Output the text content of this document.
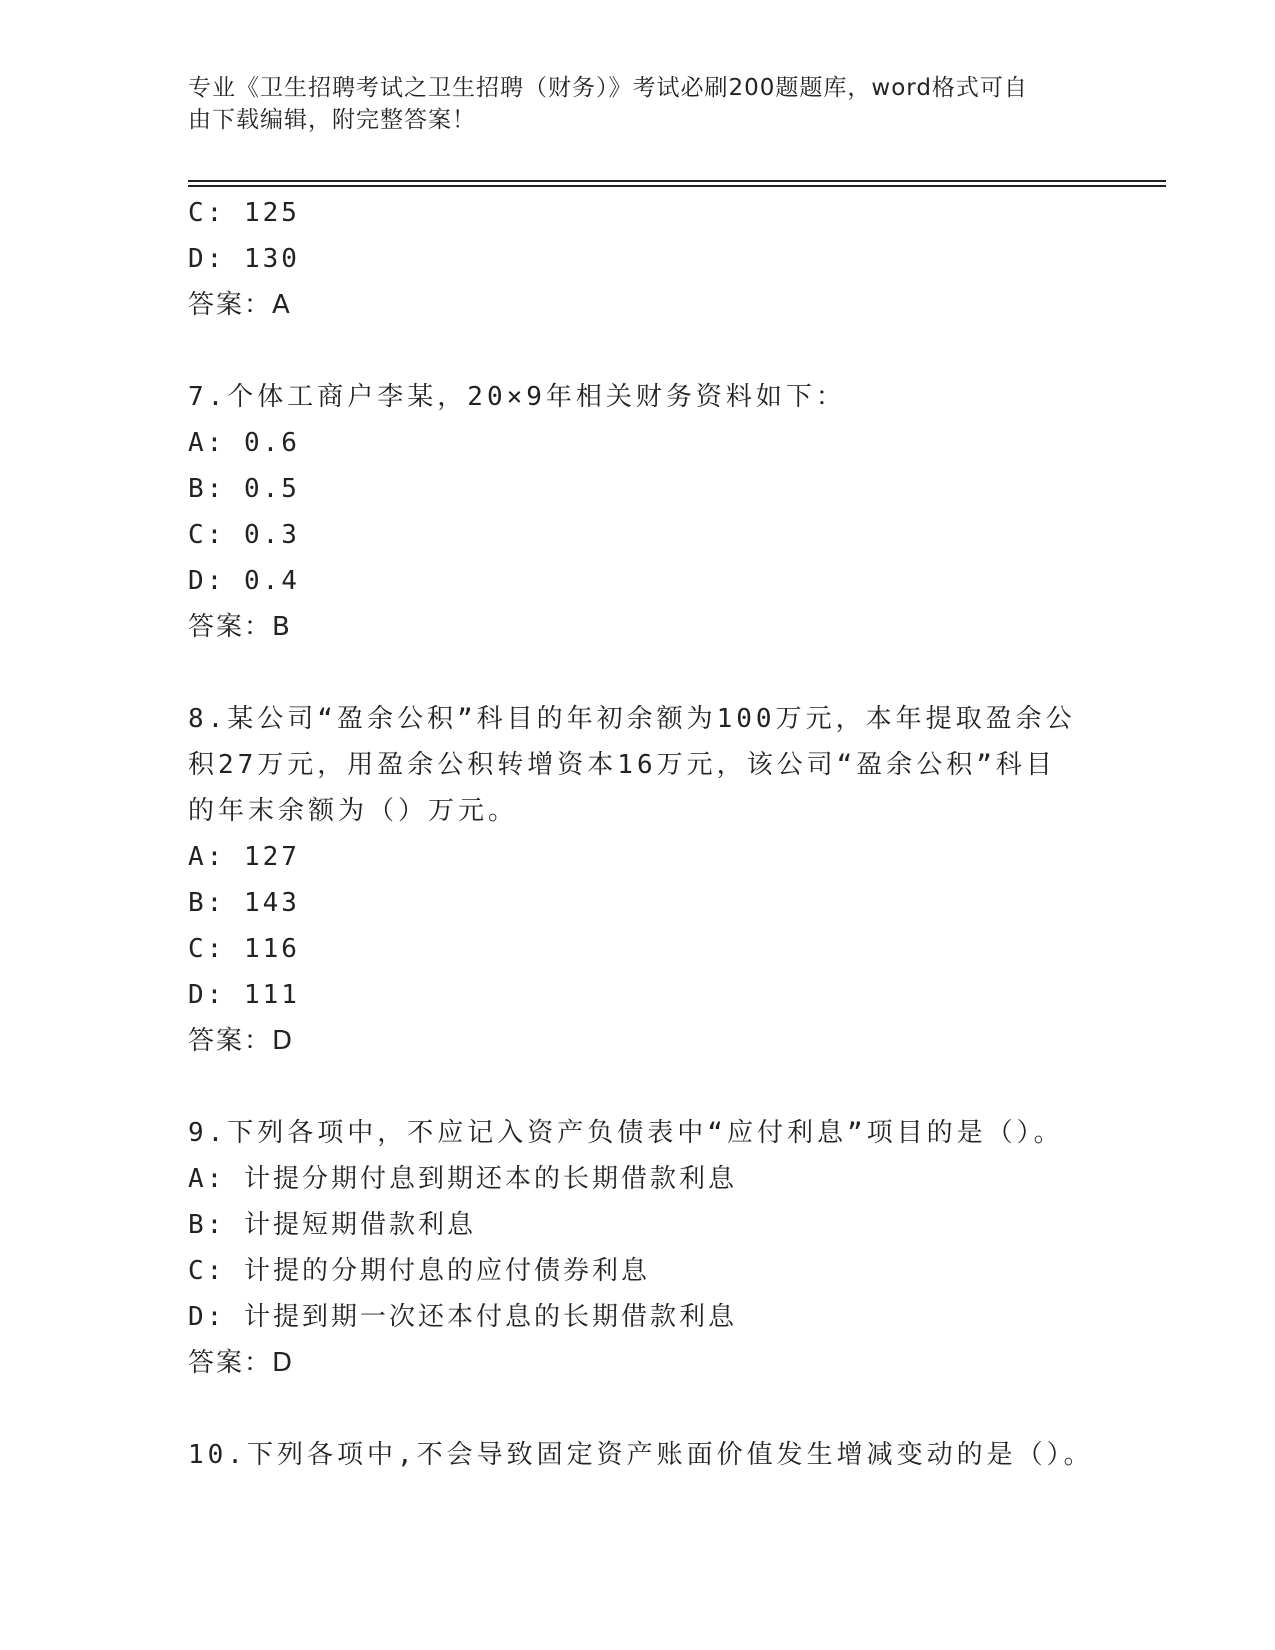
专业《卫生招聘考试之卫生招聘（财务）》考试必刷200题题库，word格式可自
由下载编辑，附完整答案！
C: 125
D: 130
答案：A
7.个体工商户李某，20×9年相关财务资料如下：
A: 0.6
B: 0.5
C: 0.3
D: 0.4
答案：B
8.某公司“盈余公积”科目的年初余额为100万元，本年提取盈余公
积27万元，用盈余公积转增资本16万元，该公司“盈余公积”科目
的年末余额为（）万元。
A: 127
B: 143
C: 116
D: 111
答案：D
9.下列各项中，不应记入资产负债表中“应付利息”项目的是（）。
A: 计提分期付息到期还本的长期借款利息
B: 计提短期借款利息
C: 计提的分期付息的应付债券利息
D: 计提到期一次还本付息的长期借款利息
答案：D
10.下列各项中,不会导致固定资产账面价值发生增减变动的是（）。
